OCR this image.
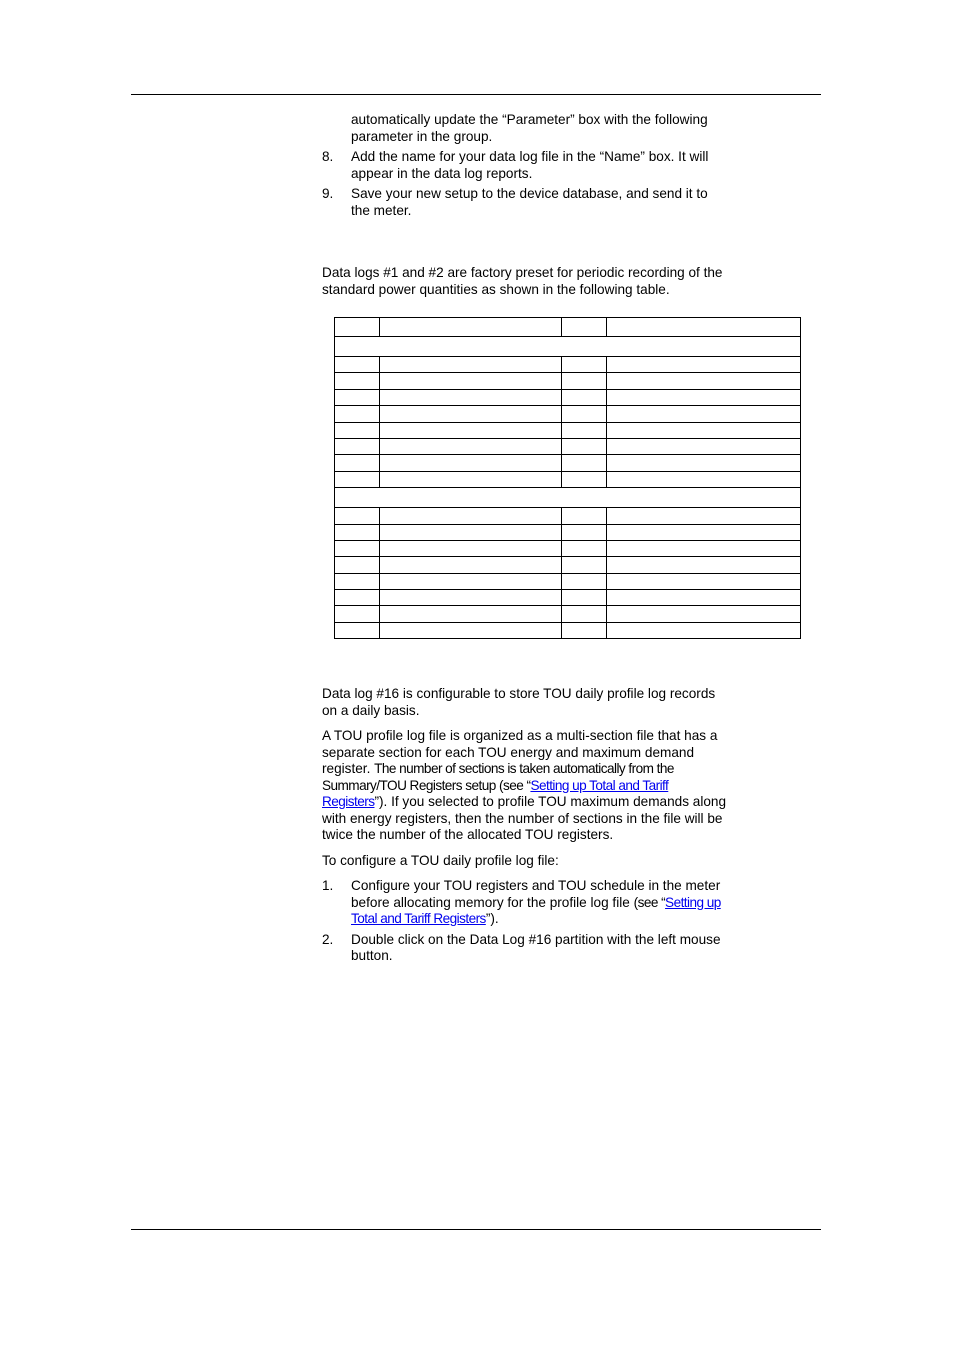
automatically update the “Parameter” box with the following parameter in the group.

8. Add the name for your data log file in the “Name” box. It will appear in the data log reports.
9. Save your new setup to the device database, and send it to the meter.

Data logs #1 and #2 are factory preset for periodic recording of the standard power quantities as shown in the following table.

Data log #16 is configurable to store TOU daily profile log records on a daily basis.

A TOU profile log file is organized as a multi-section file that has a separate section for each TOU energy and maximum demand register. The number of sections is taken automatically from the Summary/TOU Registers setup (see “Setting up Total and Tariff Registers”). If you selected to profile TOU maximum demands along with energy registers, then the number of sections in the file will be twice the number of the allocated TOU registers.

To configure a TOU daily profile log file:

1. Configure your TOU registers and TOU schedule in the meter before allocating memory for the profile log file (see “Setting up Total and Tariff Registers”).
2. Double click on the Data Log #16 partition with the left mouse button.
